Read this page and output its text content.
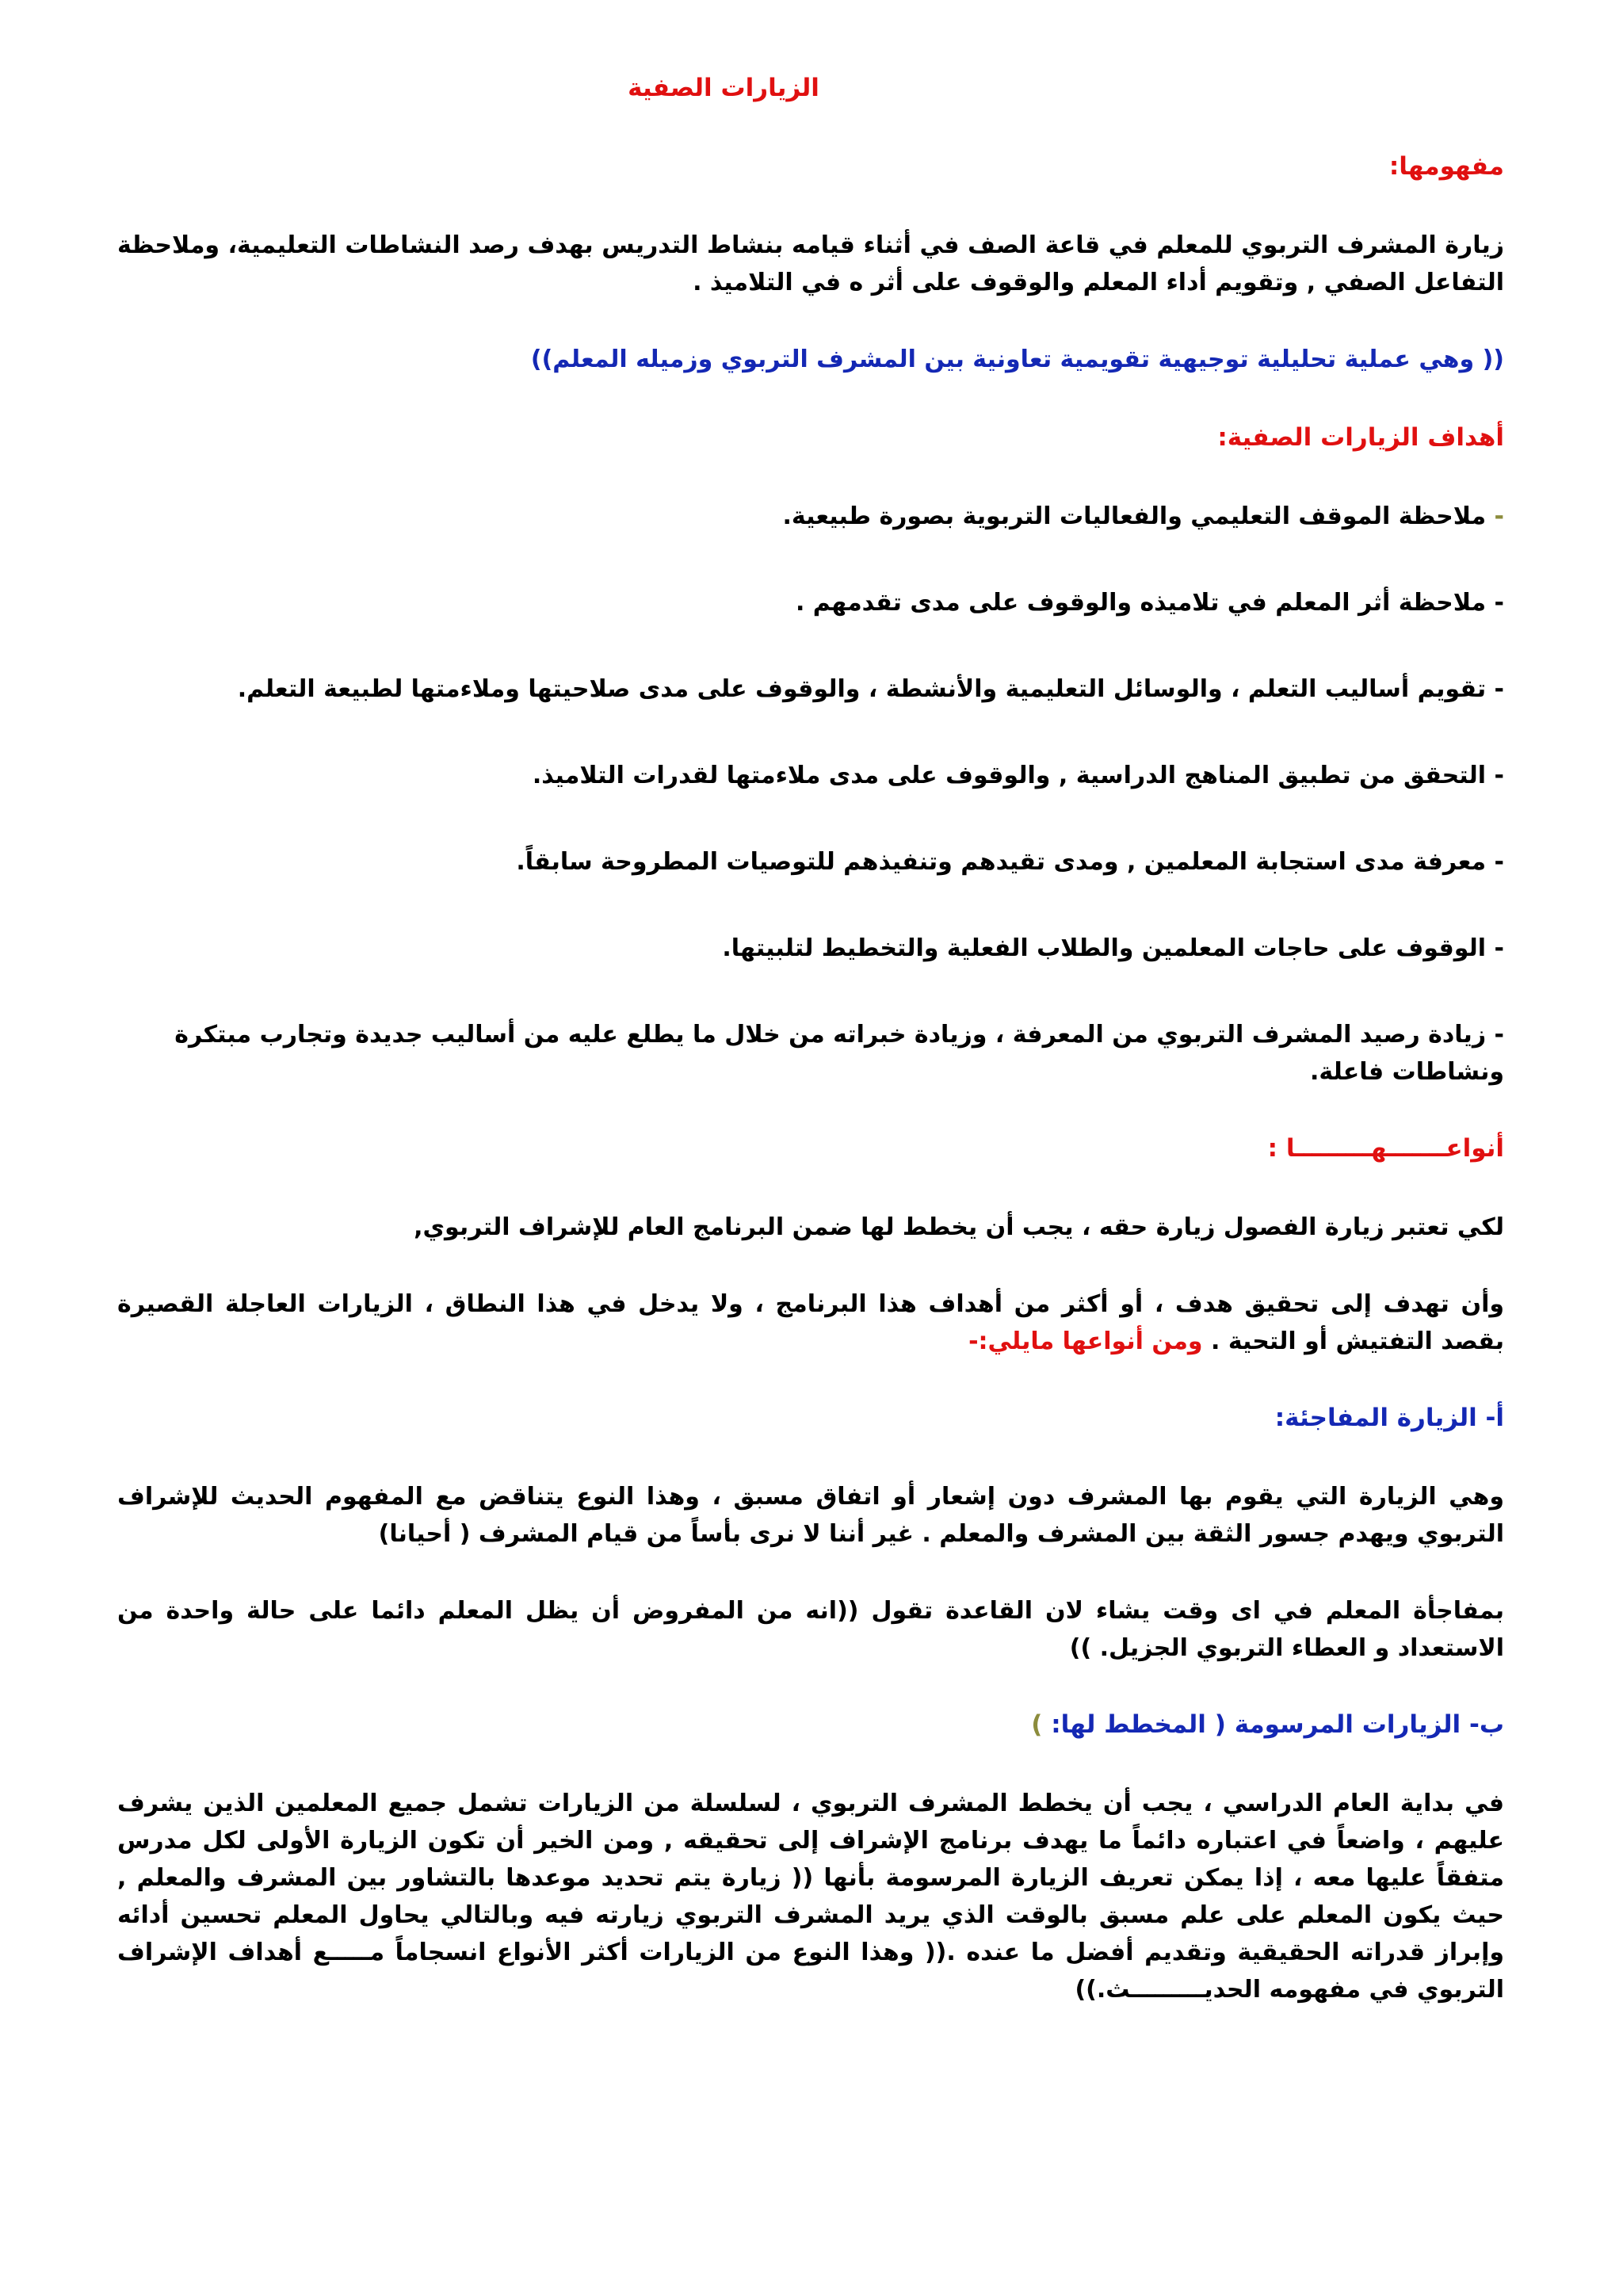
الزيارات الصفية
مفهومها:
زيارة المشرف التربوي للمعلم في قاعة الصف في أثناء قيامه بنشاط التدريس بهدف رصد النشاطات التعليمية، وملاحظة التفاعل الصفي , وتقويم أداء المعلم والوقوف على أثر ه في التلاميذ .
(( وهي عملية تحليلية توجيهية تقويمية تعاونية بين المشرف التربوي وزميله المعلم))
أهداف الزيارات الصفية:
- ملاحظة الموقف التعليمي والفعاليات التربوية بصورة طبيعية.
- ملاحظة أثر المعلم في تلاميذه والوقوف على مدى تقدمهم .
- تقويم أساليب التعلم ، والوسائل التعليمية والأنشطة ، والوقوف على مدى صلاحيتها وملاءمتها لطبيعة التعلم.
- التحقق من تطبيق المناهج الدراسية , والوقوف على مدى ملاءمتها لقدرات التلاميذ.
- معرفة مدى استجابة المعلمين , ومدى تقيدهم وتنفيذهم للتوصيات المطروحة سابقاً.
- الوقوف على حاجات المعلمين والطلاب الفعلية والتخطيط لتلبيتها.
- زيادة رصيد المشرف التربوي من المعرفة ، وزيادة خبراته من خلال ما يطلع عليه من أساليب جديدة وتجارب مبتكرة ونشاطات فاعلة.
أنواعـــــــهـــــــــا :
لكي تعتبر زيارة الفصول زيارة حقه ، يجب أن يخطط لها ضمن البرنامج العام للإشراف التربوي,
وأن تهدف إلى تحقيق هدف ، أو أكثر من أهداف هذا البرنامج ، ولا يدخل في هذا النطاق ، الزيارات العاجلة القصيرة بقصد التفتيش أو التحية . ومن أنواعها مايلي:-
أ- الزيارة المفاجئة:
وهي الزيارة التي يقوم بها المشرف دون إشعار أو اتفاق مسبق ، وهذا النوع يتناقض مع المفهوم الحديث للإشراف التربوي ويهدم جسور الثقة بين المشرف والمعلم . غير أننا لا نرى بأساً من قيام المشرف ( أحيانا)
بمفاجأة المعلم في اى وقت يشاء لان القاعدة تقول ((انه من المفروض أن يظل المعلم دائما على حالة واحدة من الاستعداد و العطاء التربوي الجزيل. ))
ب- الزيارات المرسومة ( المخطط لها: )
في بداية العام الدراسي ، يجب أن يخطط المشرف التربوي ، لسلسلة من الزيارات تشمل جميع المعلمين الذين يشرف عليهم ، واضعاً في اعتباره دائماً ما يهدف برنامج الإشراف إلى تحقيقه , ومن الخير أن تكون الزيارة الأولى لكل مدرس متفقاً عليها معه ، إذا يمكن تعريف الزيارة المرسومة بأنها (( زيارة يتم تحديد موعدها بالتشاور بين المشرف والمعلم , حيث يكون المعلم على علم مسبق بالوقت الذي يريد المشرف التربوي زيارته فيه وبالتالي يحاول المعلم تحسين أدائه وإبراز قدراته الحقيقية وتقديم أفضل ما عنده .(( وهذا النوع من الزيارات أكثر الأنواع انسجاماً مـــــع أهداف الإشراف التربوي في مفهومه الحديـــــــــث.))
